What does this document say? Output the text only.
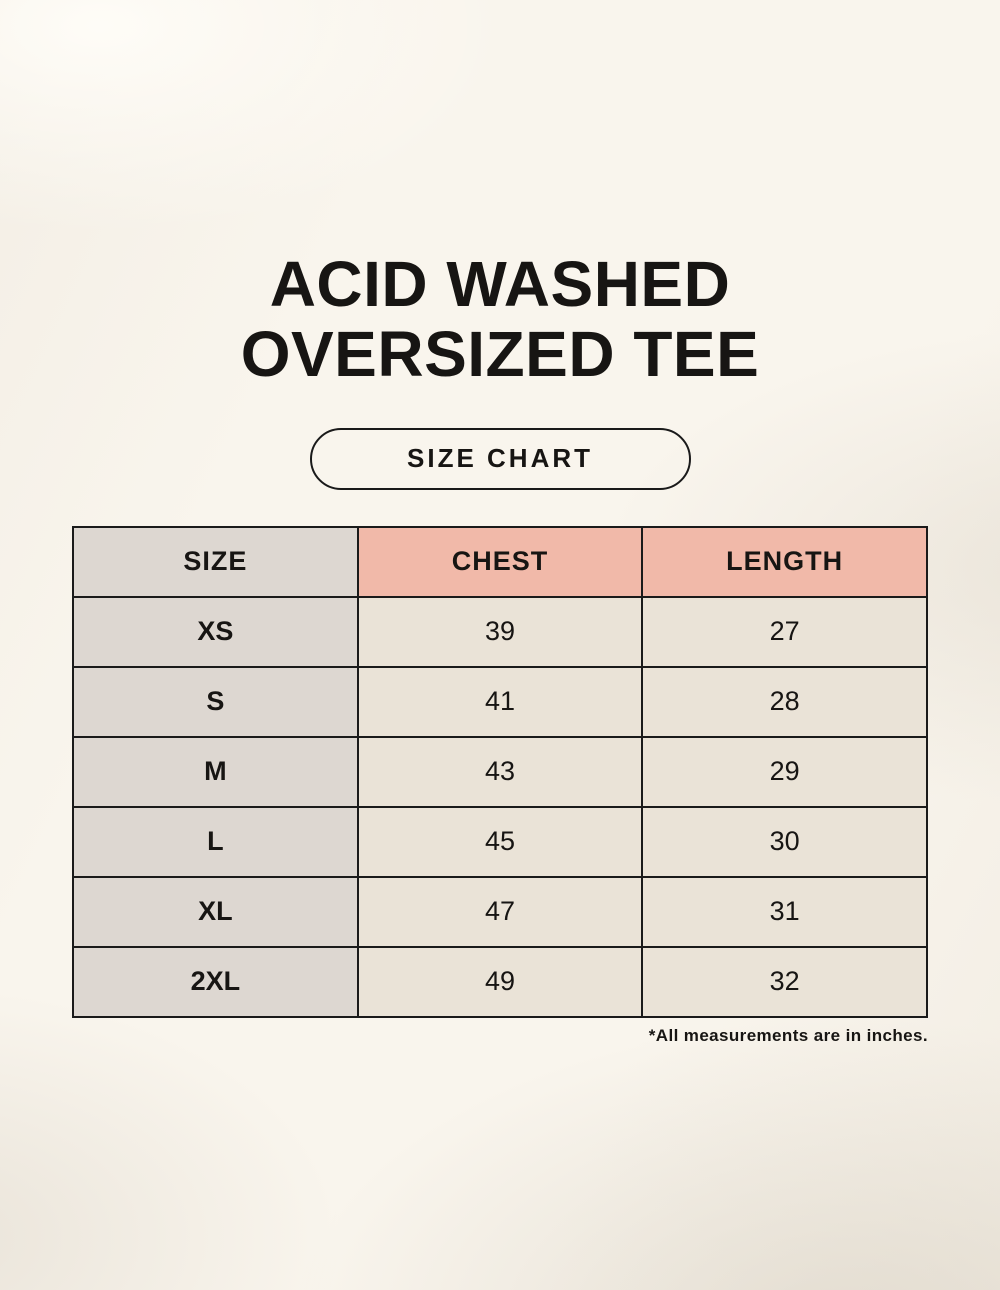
ACID WASHED
OVERSIZED TEE
SIZE CHART
SIZE	CHEST	LENGTH
XS	39	27
S	41	28
M	43	29
L	45	30
XL	47	31
2XL	49	32
*All measurements are in inches.
